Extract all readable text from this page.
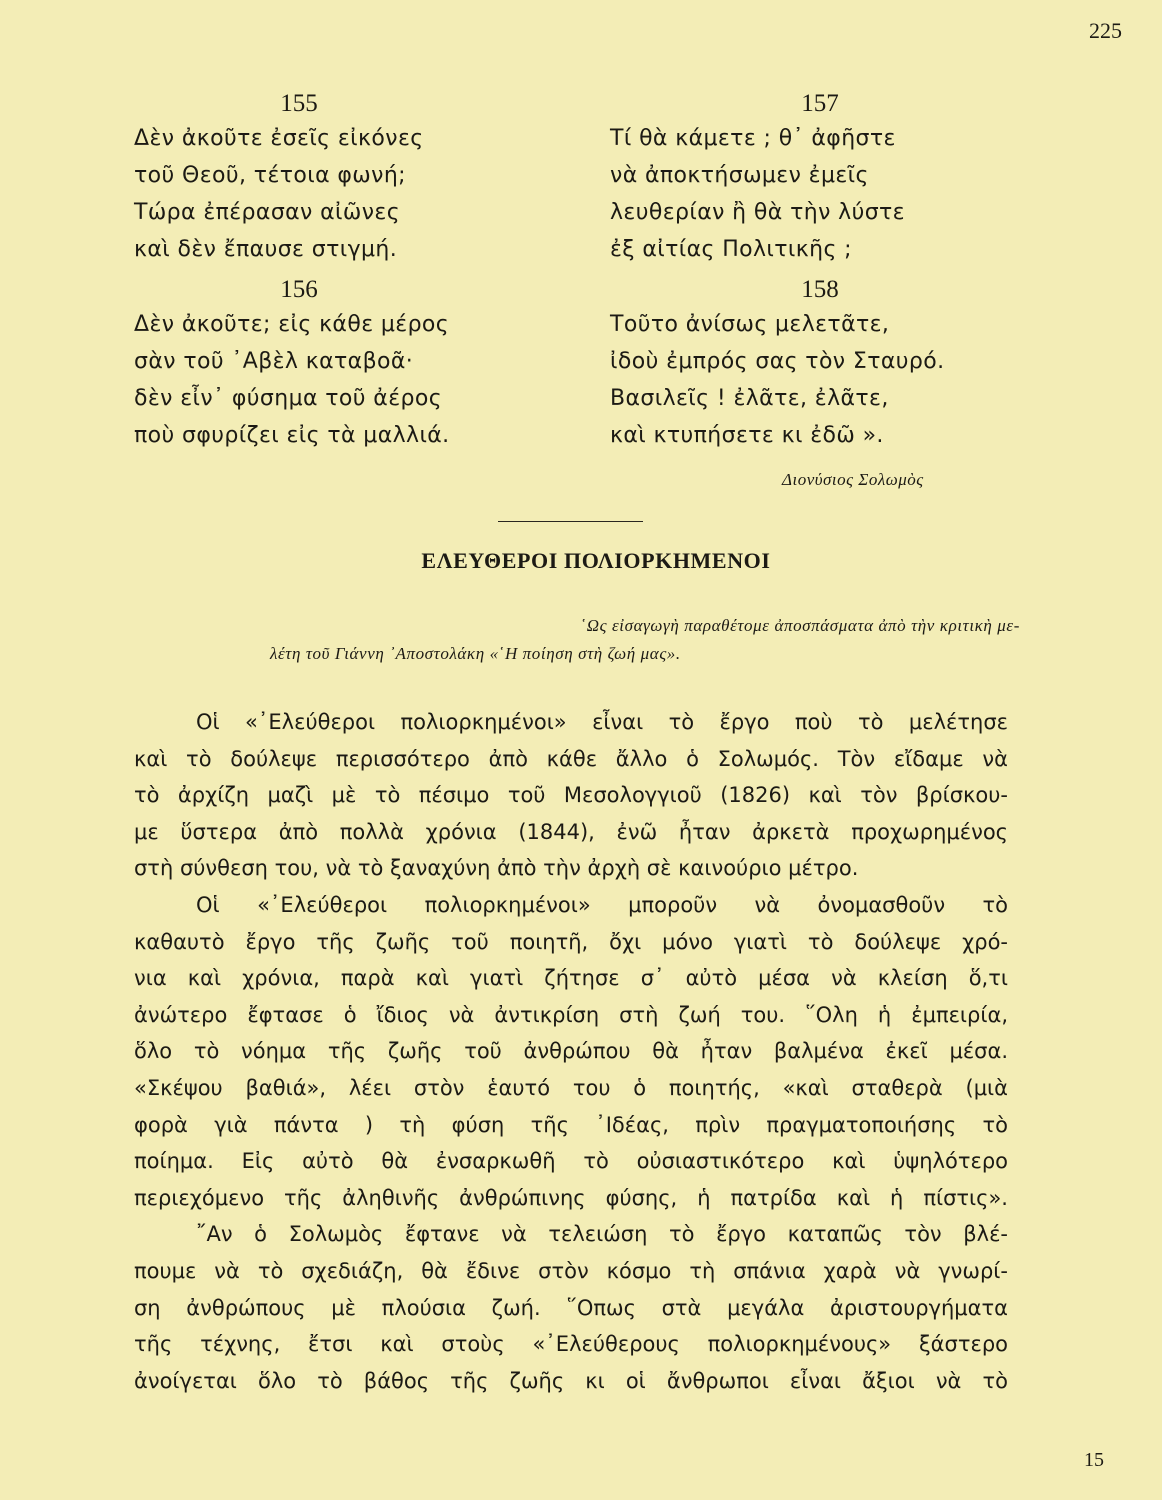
225
155
Δὲν ἀκοῦτε ἐσεῖς εἰκόνες
τοῦ Θεοῦ, τέτοια φωνή;
Τώρα ἐπέρασαν αἰῶνες
καὶ δὲν ἔπαυσε στιγμή.
156
Δὲν ἀκοῦτε; εἰς κάθε μέρος
σὰν τοῦ ᾿Αβὲλ καταβοᾶ·
δὲν εἶν᾿ φύσημα τοῦ ἀέρος
ποὺ σφυρίζει εἰς τὰ μαλλιά.
157
Τί θὰ κάμετε ; θ᾿ ἀφῆστε
νὰ ἀποκτήσωμεν ἐμεῖς
λευθερίαν ἢ θὰ τὴν λύστε
ἐξ αἰτίας Πολιτικῆς ;
158
Τοῦτο ἀνίσως μελετᾶτε,
ἰδοὺ ἐμπρός σας τὸν Σταυρό.
Βασιλεῖς ! ἐλᾶτε, ἐλᾶτε,
καὶ κτυπήσετε κι ἐδῶ ».
Διονύσιος Σολωμὸς
ΕΛΕΥΘΕΡΟΙ ΠΟΛΙΟΡΚΗΜΕΝΟΙ
῾Ως εἰσαγωγὴ παραθέτομε ἀποσπάσματα ἀπὸ τὴν κριτικὴ με-
λέτη τοῦ Γιάννη ᾿Αποστολάκη «῾Η ποίηση στὴ ζωή μας».
Οἱ «᾿Ελεύθεροι πολιορκημένοι» εἶναι τὸ ἔργο ποὺ τὸ μελέτησε
καὶ τὸ δούλεψε περισσότερο ἀπὸ κάθε ἄλλο ὁ Σολωμός. Τὸν εἴδαμε νὰ
τὸ ἀρχίζη μαζὶ μὲ τὸ πέσιμο τοῦ Μεσολογγιοῦ (1826) καὶ τὸν βρίσκου-
με ὕστερα ἀπὸ πολλὰ χρόνια (1844), ἐνῶ ἦταν ἀρκετὰ προχωρημένος
στὴ σύνθεση του, νὰ τὸ ξαναχύνη ἀπὸ τὴν ἀρχὴ σὲ καινούριο μέτρο.
Οἱ «᾿Ελεύθεροι πολιορκημένοι» μποροῦν νὰ ὀνομασθοῦν τὸ
καθαυτὸ ἔργο τῆς ζωῆς τοῦ ποιητῆ, ὄχι μόνο γιατὶ τὸ δούλεψε χρό-
νια καὶ χρόνια, παρὰ καὶ γιατὶ ζήτησε σ᾿ αὐτὸ μέσα νὰ κλείση ὅ,τι
ἀνώτερο ἔφτασε ὁ ἴδιος νὰ ἀντικρίση στὴ ζωή του. ῞Ολη ἡ ἐμπειρία,
ὅλο τὸ νόημα τῆς ζωῆς τοῦ ἀνθρώπου θὰ ἦταν βαλμένα ἐκεῖ μέσα.
«Σκέψου βαθιά», λέει στὸν ἑαυτό του ὁ ποιητής, «καὶ σταθερὰ (μιὰ
φορὰ γιὰ πάντα ) τὴ φύση τῆς ᾿Ιδέας, πρὶν πραγματοποιήσης τὸ
ποίημα. Εἰς αὐτὸ θὰ ἐνσαρκωθῆ τὸ οὐσιαστικότερο καὶ ὑψηλότερο
περιεχόμενο τῆς ἀληθινῆς ἀνθρώπινης φύσης, ἡ πατρίδα καὶ ἡ πίστις».
῎Αν ὁ Σολωμὸς ἔφτανε νὰ τελειώση τὸ ἔργο καταπῶς τὸν βλέ-
πουμε νὰ τὸ σχεδιάζη, θὰ ἔδινε στὸν κόσμο τὴ σπάνια χαρὰ νὰ γνωρί-
ση ἀνθρώπους μὲ πλούσια ζωή. ῞Οπως στὰ μεγάλα ἀριστουργήματα
τῆς τέχνης, ἔτσι καὶ στοὺς «᾿Ελεύθερους πολιορκημένους» ξάστερο
ἀνοίγεται ὅλο τὸ βάθος τῆς ζωῆς κι οἱ ἄνθρωποι εἶναι ἄξιοι νὰ τὸ
15
